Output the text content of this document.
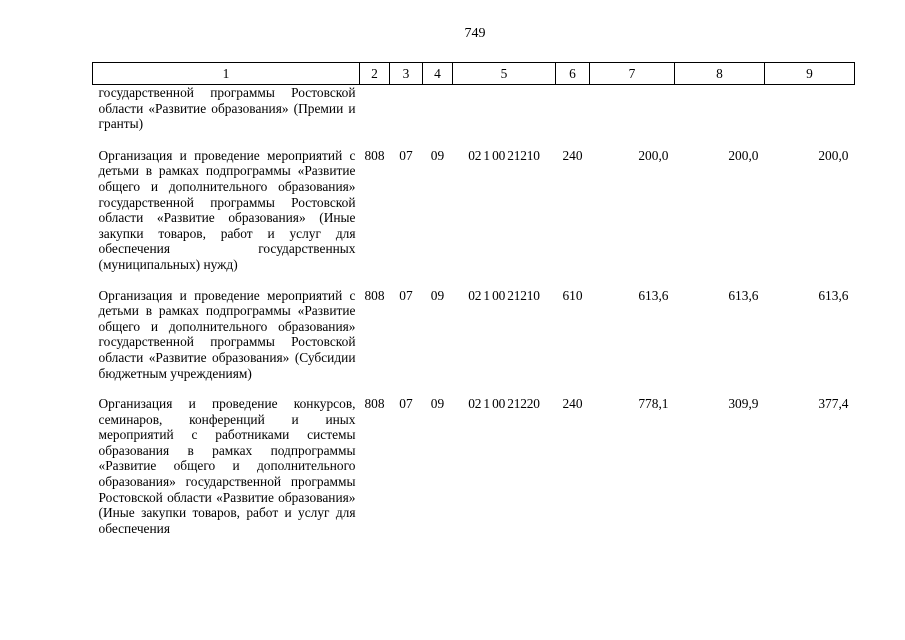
749
1	2	3	4	5	6	7	8	9
государственной программы Ростовской области «Развитие образования» (Премии и гранты)								
Организация и проведение мероприятий с детьми в рамках подпрограммы «Развитие общего и дополнительного образования» государственной программы Ростовской области «Развитие образования» (Иные закупки товаров, работ и услуг для обеспечения государственных (муниципальных) нужд)	808	07	09	02 1 00 21210	240	200,0	200,0	200,0
Организация и проведение мероприятий с детьми в рамках подпрограммы «Развитие общего и дополнительного образования» государственной программы Ростовской области «Развитие образования» (Субсидии бюджетным учреждениям)	808	07	09	02 1 00 21210	610	613,6	613,6	613,6
Организация и проведение конкурсов, семинаров, конференций и иных мероприятий с работниками системы образования в рамках подпрограммы «Развитие общего и дополнительного образования» государственной программы Ростовской области «Развитие образования» (Иные закупки товаров, работ и услуг для обеспечения	808	07	09	02 1 00 21220	240	778,1	309,9	377,4
